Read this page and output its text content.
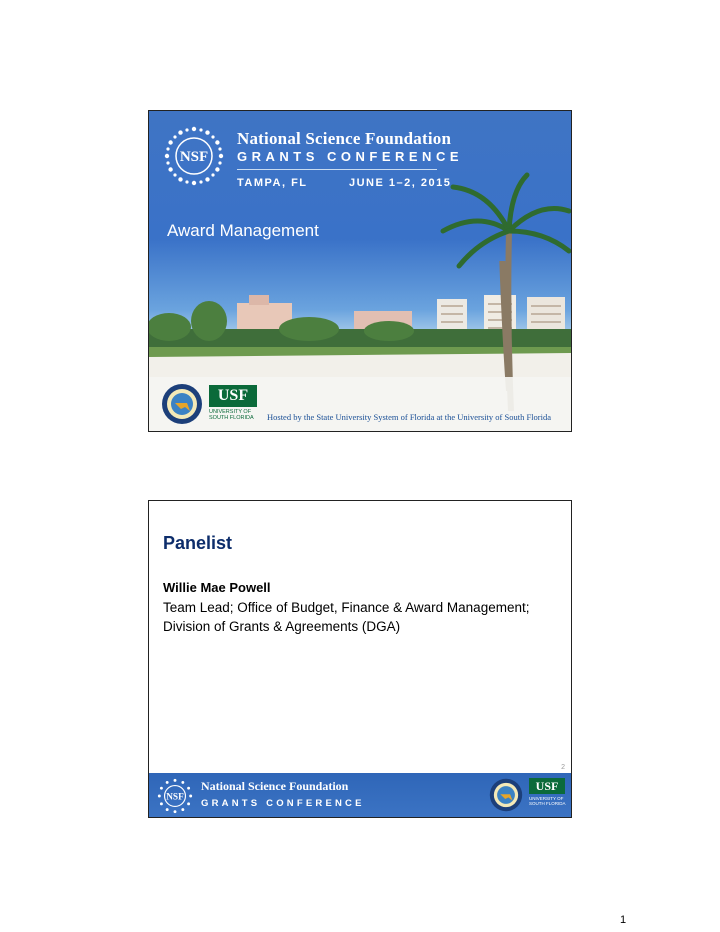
NSF
National Science Foundation
GRANTS CONFERENCE
TAMPA, FL	JUNE 1–2, 2015
Award Management
USF
UNIVERSITY OF SOUTH FLORIDA	Hosted by the State University System of Florida at the University of South Florida
Panelist
Willie Mae Powell
Team Lead; Office of Budget, Finance & Award Management; Division of Grants & Agreements (DGA)
2
NSF
National Science Foundation
GRANTS CONFERENCE
USF
UNIVERSITY OF SOUTH FLORIDA
1
